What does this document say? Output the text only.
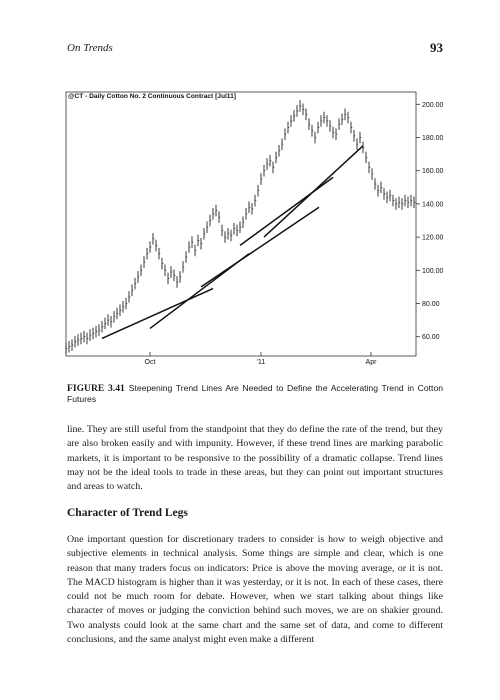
On Trends	93
@CT - Daily Cotton No. 2 Continuous Contract [Jul11]
200.00
180.00
160.00
140.00
120.00
100.00
80.00
60.00
Oct	'11	Apr
FIGURE 3.41 Steepening Trend Lines Are Needed to Define the Accelerating Trend in Cotton Futures

line. They are still useful from the standpoint that they do define the rate of the trend, but they are also broken easily and with impunity. However, if these trend lines are marking parabolic markets, it is important to be responsive to the possibility of a dramatic collapse. Trend lines may not be the ideal tools to trade in these areas, but they can point out important structures and areas to watch.

Character of Trend Legs

One important question for discretionary traders to consider is how to weigh objective and subjective elements in technical analysis. Some things are simple and clear, which is one reason that many traders focus on indicators: Price is above the moving average, or it is not. The MACD histogram is higher than it was yesterday, or it is not. In each of these cases, there could not be much room for debate. However, when we start talking about things like character of moves or judging the conviction behind such moves, we are on shakier ground. Two analysts could look at the same chart and the same set of data, and come to different conclusions, and the same analyst might even make a different
